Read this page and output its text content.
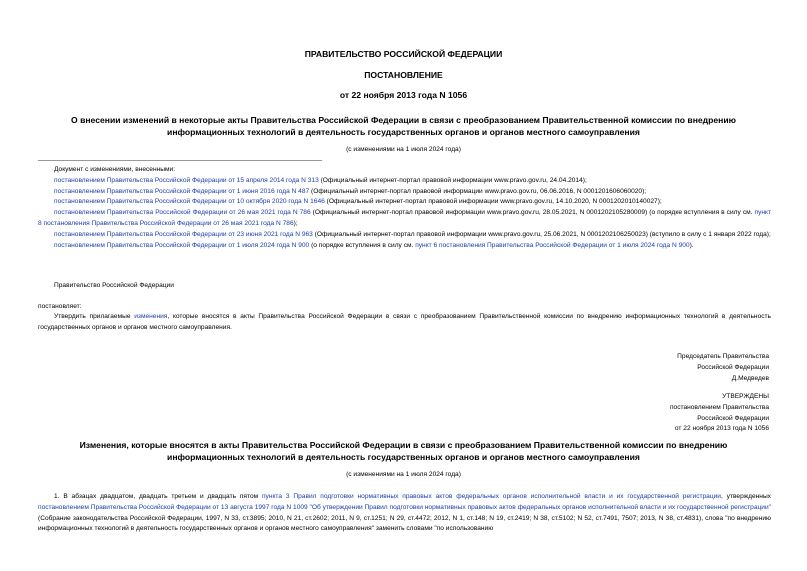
ПРАВИТЕЛЬСТВО РОССИЙСКОЙ ФЕДЕРАЦИИ
ПОСТАНОВЛЕНИЕ
от 22 ноября 2013 года N 1056
О внесении изменений в некоторые акты Правительства Российской Федерации в связи с преобразованием Правительственной комиссии по внедрению информационных технологий в деятельность государственных органов и органов местного самоуправления
(с изменениями на 1 июля 2024 года)

Документ с изменениями, внесенными:

постановлением Правительства Российской Федерации от 15 апреля 2014 года N 313 (Официальный интернет-портал правовой информации www.pravo.gov.ru, 24.04.2014);

постановлением Правительства Российской Федерации от 1 июня 2016 года N 487 (Официальный интернет-портал правовой информации www.pravo.gov.ru, 06.06.2016, N 0001201606060020);

постановлением Правительства Российской Федерации от 10 октября 2020 года N 1646 (Официальный интернет-портал правовой информации www.pravo.gov.ru, 14.10.2020, N 0001202010140027);

постановлением Правительства Российской Федерации от 26 мая 2021 года N 786 (Официальный интернет-портал правовой информации www.pravo.gov.ru, 28.05.2021, N 0001202105280009) (о порядке вступления в силу см. пункт 8 постановления Правительства Российской Федерации от 26 мая 2021 года N 786);

постановлением Правительства Российской Федерации от 23 июня 2021 года N 963 (Официальный интернет-портал правовой информации www.pravo.gov.ru, 25.06.2021, N 0001202106250023) (вступило в силу с 1 января 2022 года);

постановлением Правительства Российской Федерации от 1 июля 2024 года N 900 (о порядке вступления в силу см. пункт 6 постановления Правительства Российской Федерации от 1 июля 2024 года N 900).

Правительство Российской Федерации
постановляет:

Утвердить прилагаемые изменения, которые вносятся в акты Правительства Российской Федерации в связи с преобразованием Правительственной комиссии по внедрению информационных технологий в деятельность государственных органов и органов местного самоуправления.

Председатель Правительства
Российской Федерации
Д.Медведев
УТВЕРЖДЕНЫ
постановлением Правительства
Российской Федерации
от 22 ноября 2013 года N 1056
Изменения, которые вносятся в акты Правительства Российской Федерации в связи с преобразованием Правительственной комиссии по внедрению информационных технологий в деятельность государственных органов и органов местного самоуправления
(с изменениями на 1 июля 2024 года)

1. В абзацах двадцатом, двадцать третьем и двадцать пятом пункта 3 Правил подготовки нормативных правовых актов федеральных органов исполнительной власти и их государственной регистрации, утвержденных постановлением Правительства Российской Федерации от 13 августа 1997 года N 1009 "Об утверждении Правил подготовки нормативных правовых актов федеральных органов исполнительной власти и их государственной регистрации" (Собрание законодательства Российской Федерации, 1997, N 33, ст.3895; 2010, N 21, ст.2602; 2011, N 9, ст.1251; N 29, ст.4472; 2012, N 1, ст.148; N 19, ст.2419; N 38, ст.5102; N 52, ст.7491, 7507; 2013, N 38, ст.4831), слова "по внедрению информационных технологий в деятельность государственных органов и органов местного самоуправления" заменить словами "по использованию
